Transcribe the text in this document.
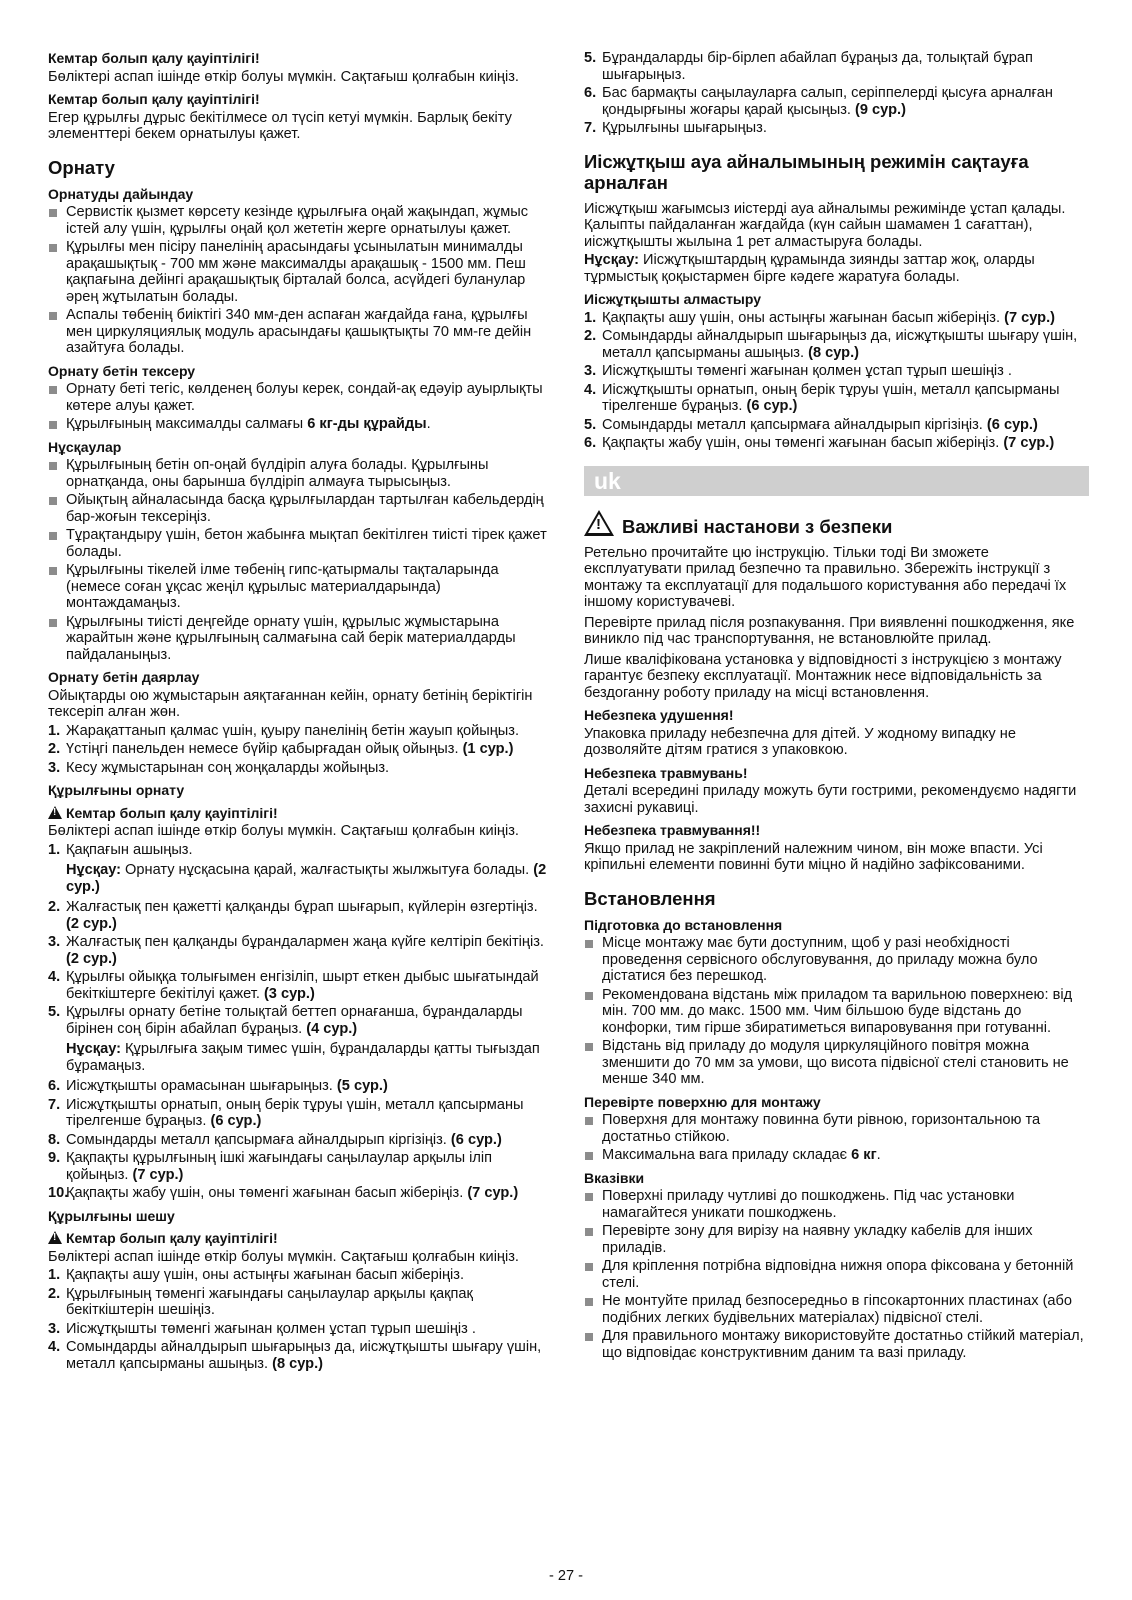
Кемтар болып қалу қауіптілігі!

Бөліктері аспап ішінде өткір болуы мүмкін. Сақтағыш қолғабын киіңіз.

Кемтар болып қалу қауіптілігі!

Егер құрылғы дұрыс бекітілмесе ол түсіп кетуі мүмкін. Барлық бекіту элементтері бекем орнатылуы қажет.

Орнату
Орнатуды дайындау
Сервистік қызмет көрсету кезінде құрылғыға оңай жақындап, жұмыс істей алу үшін, құрылғы оңай қол жететін жерге орнатылуы қажет.
Құрылғы мен пісіру панелінің арасындағы ұсынылатын минималды арақашықтық - 700 мм және максималды арақашық - 1500 мм. Пеш қақпағына дейінгі арақашықтық бірталай болса, асүйдегі буланулар әрең жұтылатын болады.
Аспалы төбенің биіктігі 340 мм-ден аспаған жағдайда ғана, құрылғы мен циркуляциялық модуль арасындағы қашықтықты 70 мм-ге дейін азайтуға болады.
Орнату бетін тексеру
Орнату беті тегіс, көлденең болуы керек, сондай-ақ едәуір ауырлықты көтере алуы қажет.
Құрылғының максималды салмағы 6 кг-ды құрайды.
Нұсқаулар
Құрылғының бетін оп-оңай бүлдіріп алуға болады. Құрылғыны орнатқанда, оны барынша бүлдіріп алмауға тырысыңыз.
Ойықтың айналасында басқа құрылғылардан тартылған кабельдердің бар-жоғын тексеріңіз.
Тұрақтандыру үшін, бетон жабынға мықтап бекітілген тиісті тірек қажет болады.
Құрылғыны тікелей ілме төбенің гипс-қатырмалы тақталарында (немесе соған ұқсас жеңіл құрылыс материалдарында) монтаждамаңыз.
Құрылғыны тиісті деңгейде орнату үшін, құрылыс жұмыстарына жарайтын және құрылғының салмағына сай берік материалдарды пайдаланыңыз.
Орнату бетін даярлау

Ойықтарды ою жұмыстарын аяқтағаннан кейін, орнату бетінің беріктігін тексеріп алған жөн.

1. Жарақаттанып қалмас үшін, қуыру панелінің бетін жауып қойыңыз.
2. Үстіңгі панельден немесе бүйір қабырғадан ойық ойыңыз. (1 сур.)
3. Кесу жұмыстарынан соң жоңқаларды жойыңыз.
Құрылғыны орнату
!Кемтар болып қалу қауіптілігі!

Бөліктері аспап ішінде өткір болуы мүмкін. Сақтағыш қолғабын киіңіз.

1. Қақпағын ашыңыз.
Нұсқау: Орнату нұсқасына қарай, жалғастықты жылжытуға болады. (2 сур.)
2. Жалғастық пен қажетті қалқанды бұрап шығарып, күйлерін өзгертіңіз. (2 сур.)
3. Жалғастық пен қалқанды бұрандалармен жаңа күйге келтіріп бекітіңіз. (2 сур.)
4. Құрылғы ойыққа толығымен енгізіліп, шырт еткен дыбыс шығатындай бекіткіштерге бекітілуі қажет. (3 сур.)
5. Құрылғы орнату бетіне толықтай беттеп орнағанша, бұрандаларды бірінен соң бірін абайлап бұраңыз. (4 сур.)
Нұсқау: Құрылғыға зақым тимес үшін, бұрандаларды қатты тығыздап бұрамаңыз.
6. Иісжұтқышты орамасынан шығарыңыз. (5 сур.)
7. Иісжұтқышты орнатып, оның берік тұруы үшін, металл қапсырманы тірелгенше бұраңыз. (6 сур.)
8. Сомындарды металл қапсырмаға айналдырып кіргізіңіз. (6 сур.)
9. Қақпақты құрылғының ішкі жағындағы саңылаулар арқылы іліп қойыңыз. (7 сур.)
10.
Қақпақты жабу үшін, оны төменгі жағынан басып жіберіңіз. (7 сур.)
Құрылғыны шешу
!Кемтар болып қалу қауіптілігі!

Бөліктері аспап ішінде өткір болуы мүмкін. Сақтағыш қолғабын киіңіз.

1. Қақпақты ашу үшін, оны астыңғы жағынан басып жіберіңіз.
2. Құрылғының төменгі жағындағы саңылаулар арқылы қақпақ бекіткіштерін шешіңіз.
3. Иісжұтқышты төменгі жағынан қолмен ұстап тұрып шешіңіз .
4. Сомындарды айналдырып шығарыңыз да, иісжұтқышты шығару үшін, металл қапсырманы ашыңыз. (8 сур.)
5. Бұрандаларды бір-бірлеп абайлап бұраңыз да, толықтай бұрап шығарыңыз.
6. Бас бармақты саңылауларға салып, серіппелерді қысуға арналған қондырғыны жоғары қарай қысыңыз. (9 сур.)
7. Құрылғыны шығарыңыз.
Иісжұтқыш ауа айналымының режимін сақтауға арналған

Иісжұтқыш жағымсыз иістерді ауа айналымы режимінде ұстап қалады. Қалыпты пайдаланған жағдайда (күн сайын шамамен 1 сағаттан), иісжұтқышты жылына 1 рет алмастыруға болады.

Нұсқау: Иісжұтқыштардың құрамында зиянды заттар жоқ, оларды тұрмыстық қоқыстармен бірге кәдеге жаратуға болады.

Иісжұтқышты алмастыру
1. Қақпақты ашу үшін, оны астыңғы жағынан басып жіберіңіз. (7 сур.)
2. Сомындарды айналдырып шығарыңыз да, иісжұтқышты шығару үшін, металл қапсырманы ашыңыз. (8 сур.)
3. Иісжұтқышты төменгі жағынан қолмен ұстап тұрып шешіңіз .
4. Иісжұтқышты орнатып, оның берік тұруы үшін, металл қапсырманы тірелгенше бұраңыз. (6 сур.)
5. Сомындарды металл қапсырмаға айналдырып кіргізіңіз. (6 сур.)
6. Қақпақты жабу үшін, оны төменгі жағынан басып жіберіңіз. (7 сур.)
uk
!Важливі настанови з безпеки

Ретельно прочитайте цю інструкцію. Тільки тоді Ви зможете експлуатувати прилад безпечно та правильно. Збережіть інструкції з монтажу та експлуатації для подальшого користування або передачі їх іншому користувачеві.

Перевірте прилад після розпакування. При виявленні пошкодження, яке виникло під час транспортування, не встановлюйте прилад.

Лише кваліфікована установка у відповідності з інструкцією з монтажу гарантує безпеку експлуатації. Монтажник несе відповідальність за бездоганну роботу приладу на місці встановлення.

Небезпека удушення!

Упаковка приладу небезпечна для дітей. У жодному випадку не дозволяйте дітям гратися з упаковкою.

Небезпека травмувань!

Деталі всередині приладу можуть бути гострими, рекомендуємо надягти захисні рукавиці.

Небезпека травмування!!

Якщо прилад не закріплений належним чином, він може впасти. Усі кріпильні елементи повинні бути міцно й надійно зафіксованими.

Встановлення
Підготовка до встановлення
Місце монтажу має бути доступним, щоб у разі необхідності проведення сервісного обслуговування, до приладу можна було дістатися без перешкод.
Рекомендована відстань між приладом та варильною поверхнею: від мін. 700 мм. до макс. 1500 мм. Чим більшою буде відстань до конфорки, тим гірше збиратиметься випаровування при готуванні.
Відстань від приладу до модуля циркуляційного повітря можна зменшити до 70 мм за умови, що висота підвісної стелі становить не менше 340 мм.
Перевірте поверхню для монтажу
Поверхня для монтажу повинна бути рівною, горизонтальною та достатньо стійкою.
Максимальна вага приладу складає 6 кг.
Вказівки
Поверхні приладу чутливі до пошкоджень. Під час установки намагайтеся уникати пошкоджень.
Перевірте зону для вирізу на наявну укладку кабелів для інших приладів.
Для кріплення потрібна відповідна нижня опора фіксована у бетонній стелі.
Не монтуйте прилад безпосередньо в гіпсокартонних пластинах (або подібних легких будівельних матеріалах) підвісної стелі.
Для правильного монтажу використовуйте достатньо стійкий матеріал, що відповідає конструктивним даним та вазі приладу.
- 27 -
